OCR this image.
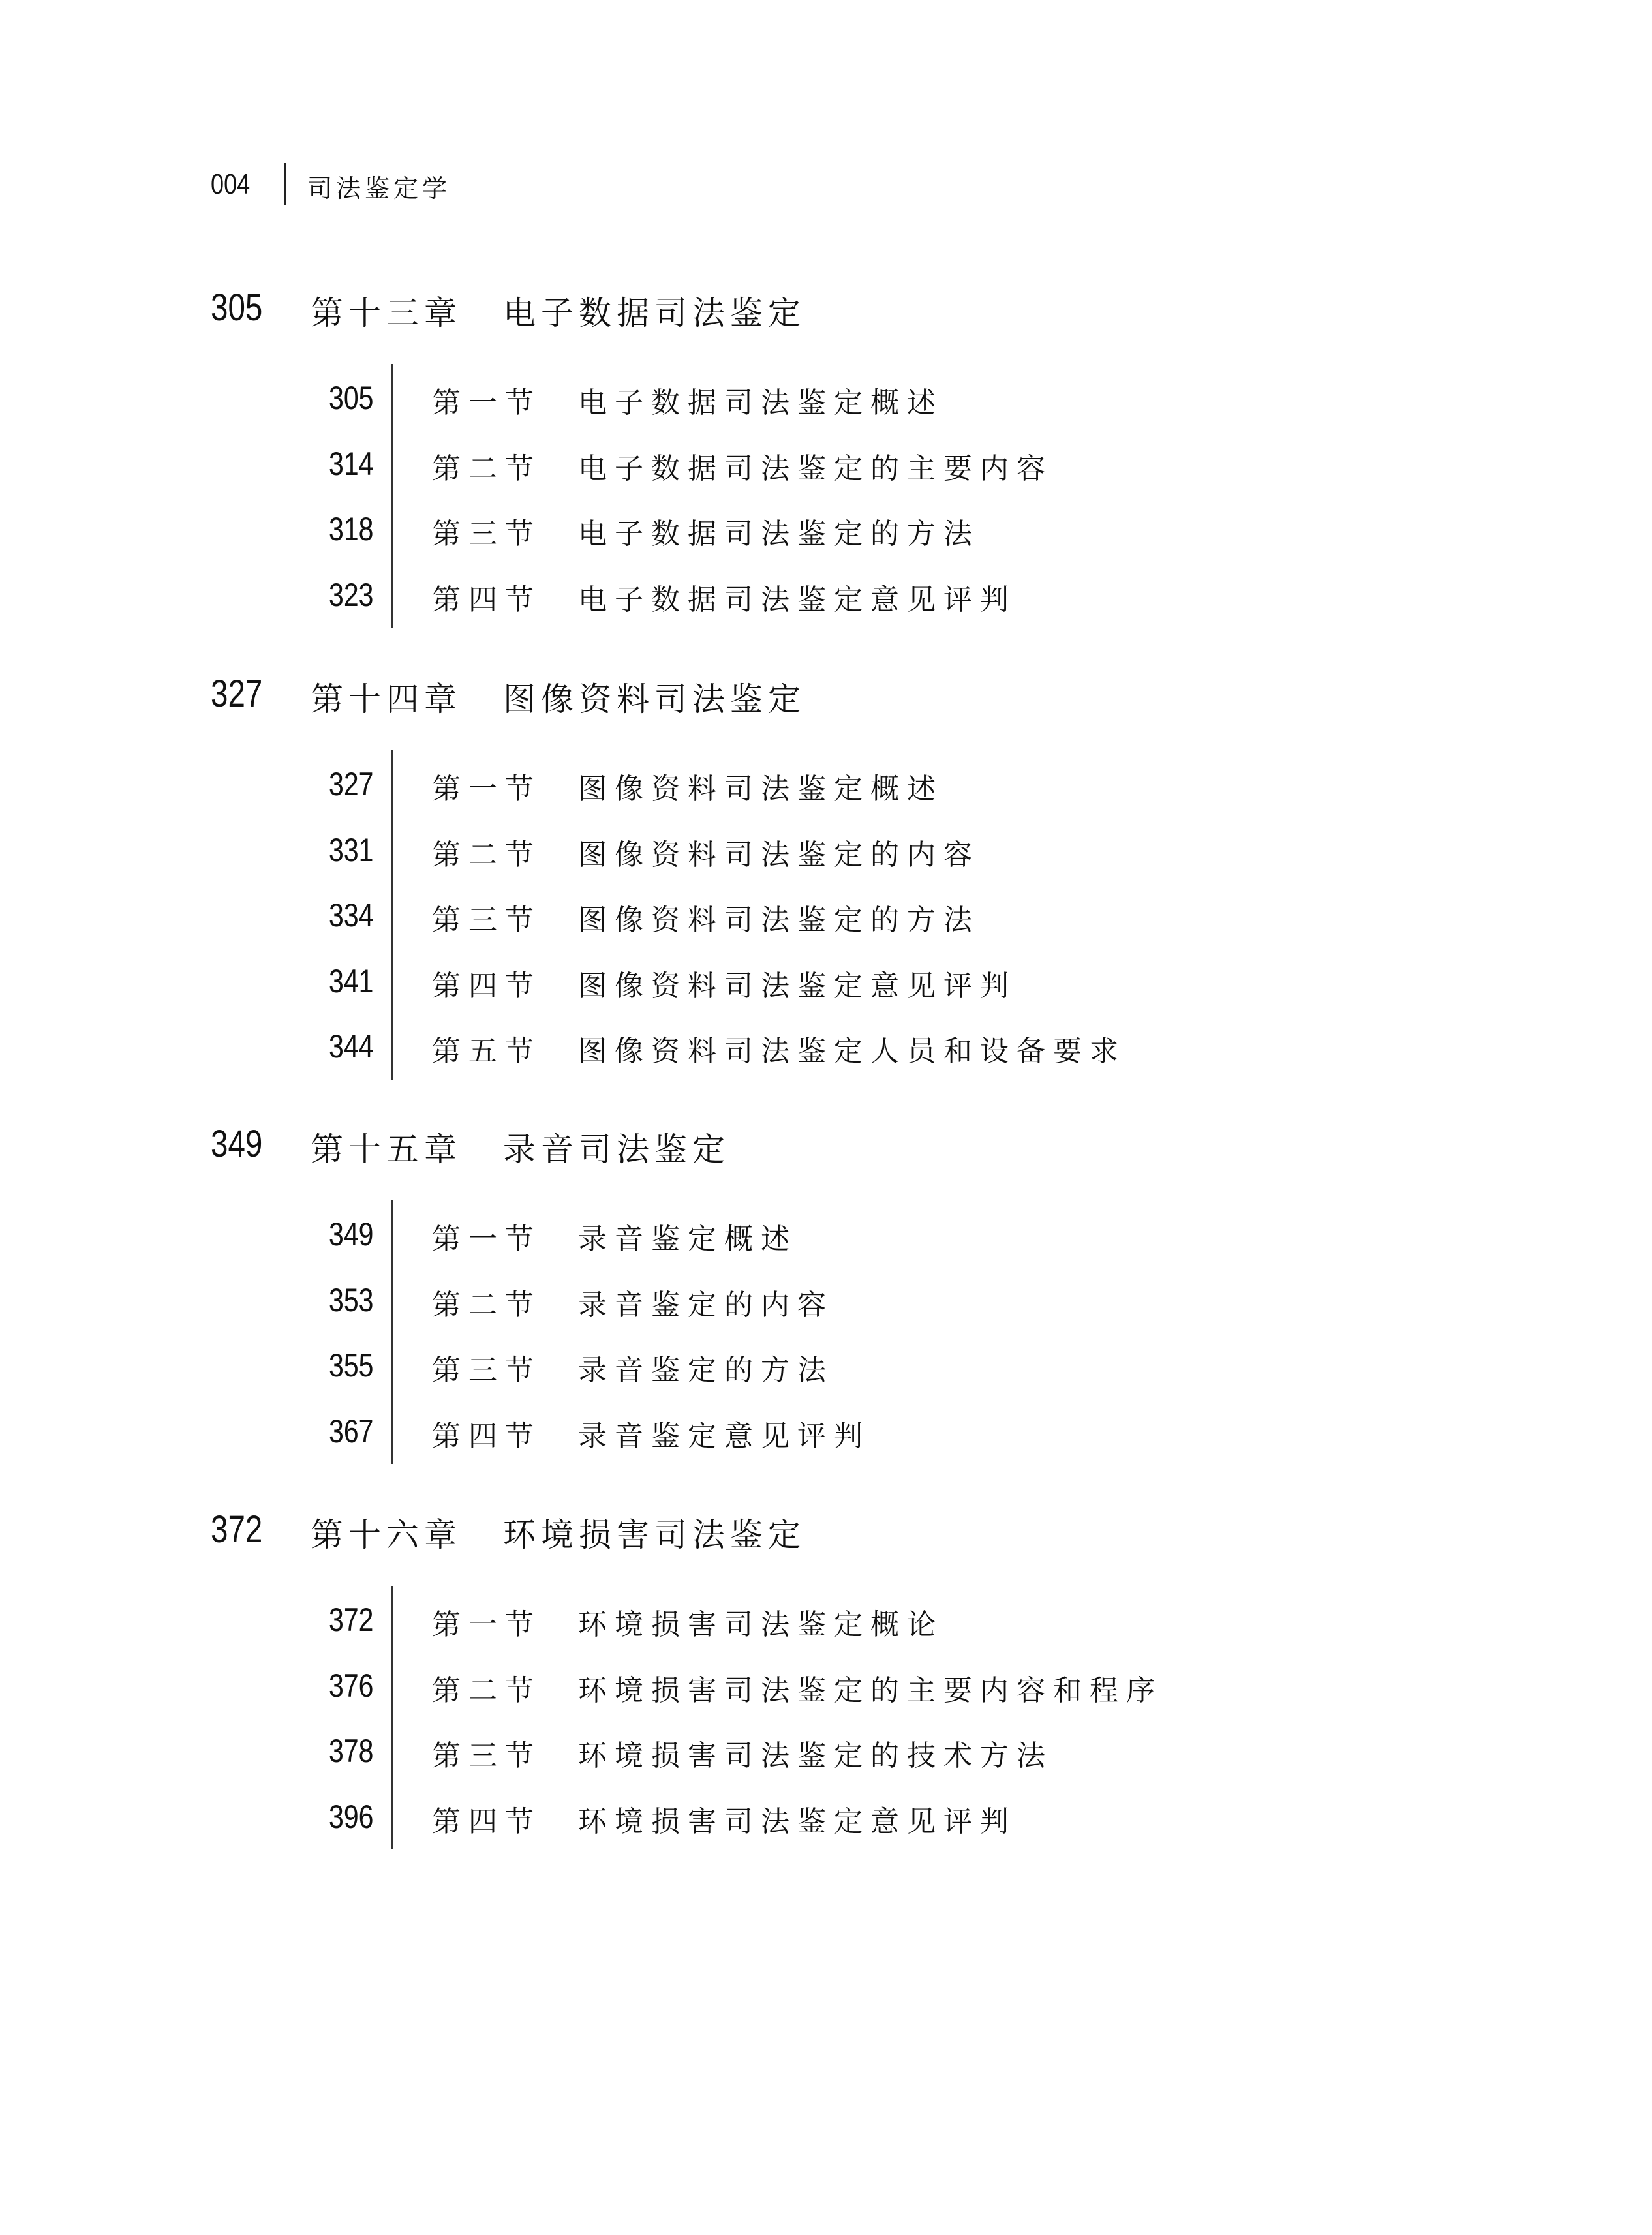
004 司法鉴定学
305 第十三章 电子数据司法鉴定
305 第一节 电子数据司法鉴定概述
314 第二节 电子数据司法鉴定的主要内容
318 第三节 电子数据司法鉴定的方法
323 第四节 电子数据司法鉴定意见评判
327 第十四章 图像资料司法鉴定
327 第一节 图像资料司法鉴定概述
331 第二节 图像资料司法鉴定的内容
334 第三节 图像资料司法鉴定的方法
341 第四节 图像资料司法鉴定意见评判
344 第五节 图像资料司法鉴定人员和设备要求
349 第十五章 录音司法鉴定
349 第一节 录音鉴定概述
353 第二节 录音鉴定的内容
355 第三节 录音鉴定的方法
367 第四节 录音鉴定意见评判
372 第十六章 环境损害司法鉴定
372 第一节 环境损害司法鉴定概论
376 第二节 环境损害司法鉴定的主要内容和程序
378 第三节 环境损害司法鉴定的技术方法
396 第四节 环境损害司法鉴定意见评判
